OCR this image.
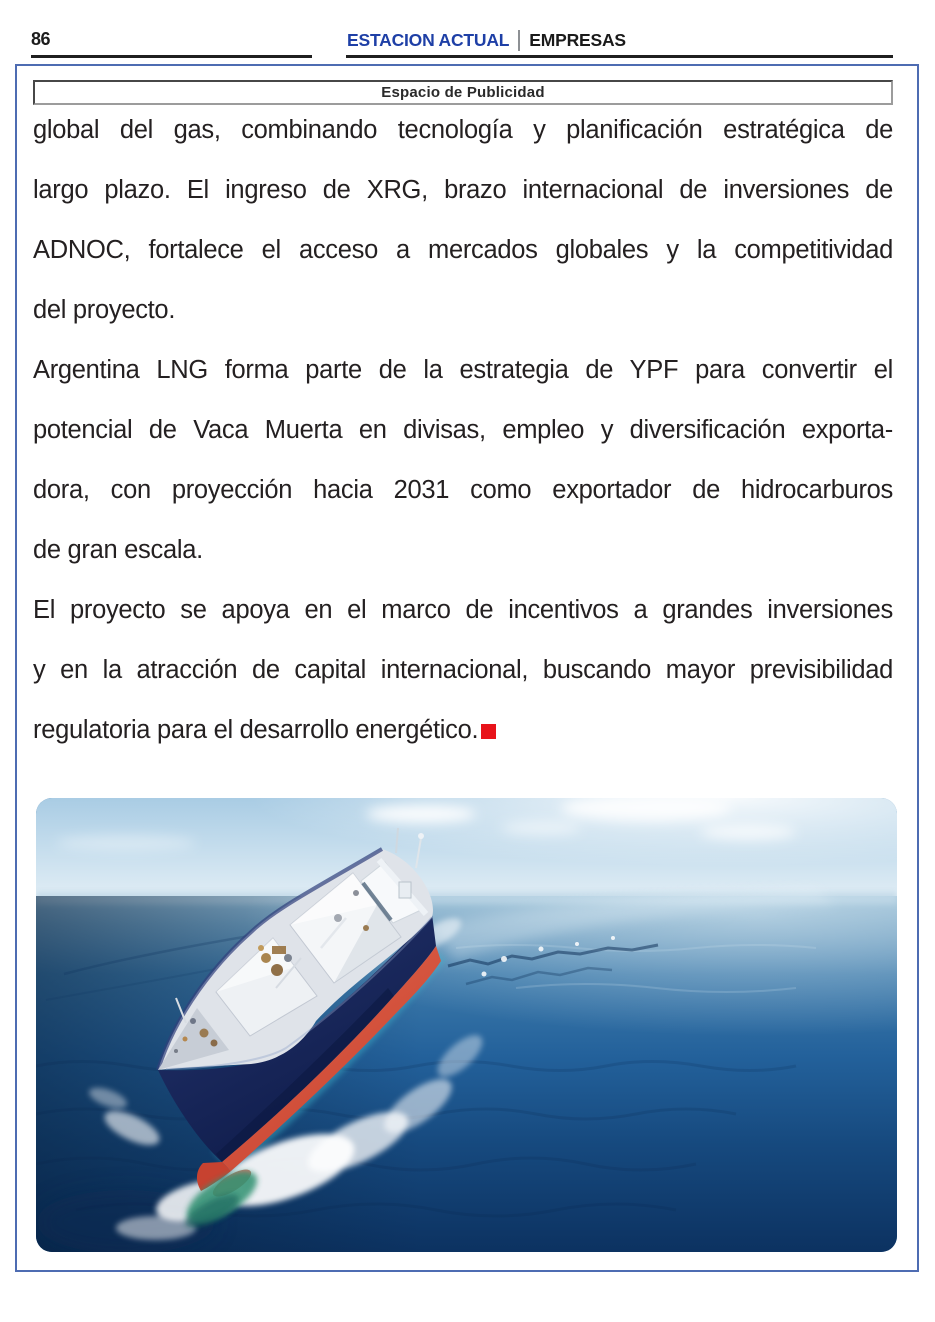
86	ESTACION ACTUAL EMPRESAS
Espacio de Publicidad
global del gas, combinando tecnología y planificación estratégica de
largo plazo. El ingreso de XRG, brazo internacional de inversiones de
ADNOC, fortalece el acceso a mercados globales y la competitividad
del proyecto.
Argentina LNG forma parte de la estrategia de YPF para convertir el
potencial de Vaca Muerta en divisas, empleo y diversificación exporta-
dora, con proyección hacia 2031 como exportador de hidrocarburos
de gran escala.
El proyecto se apoya en el marco de incentivos a grandes inversiones
y en la atracción de capital internacional, buscando mayor previsibilidad
regulatoria para el desarrollo energético.
